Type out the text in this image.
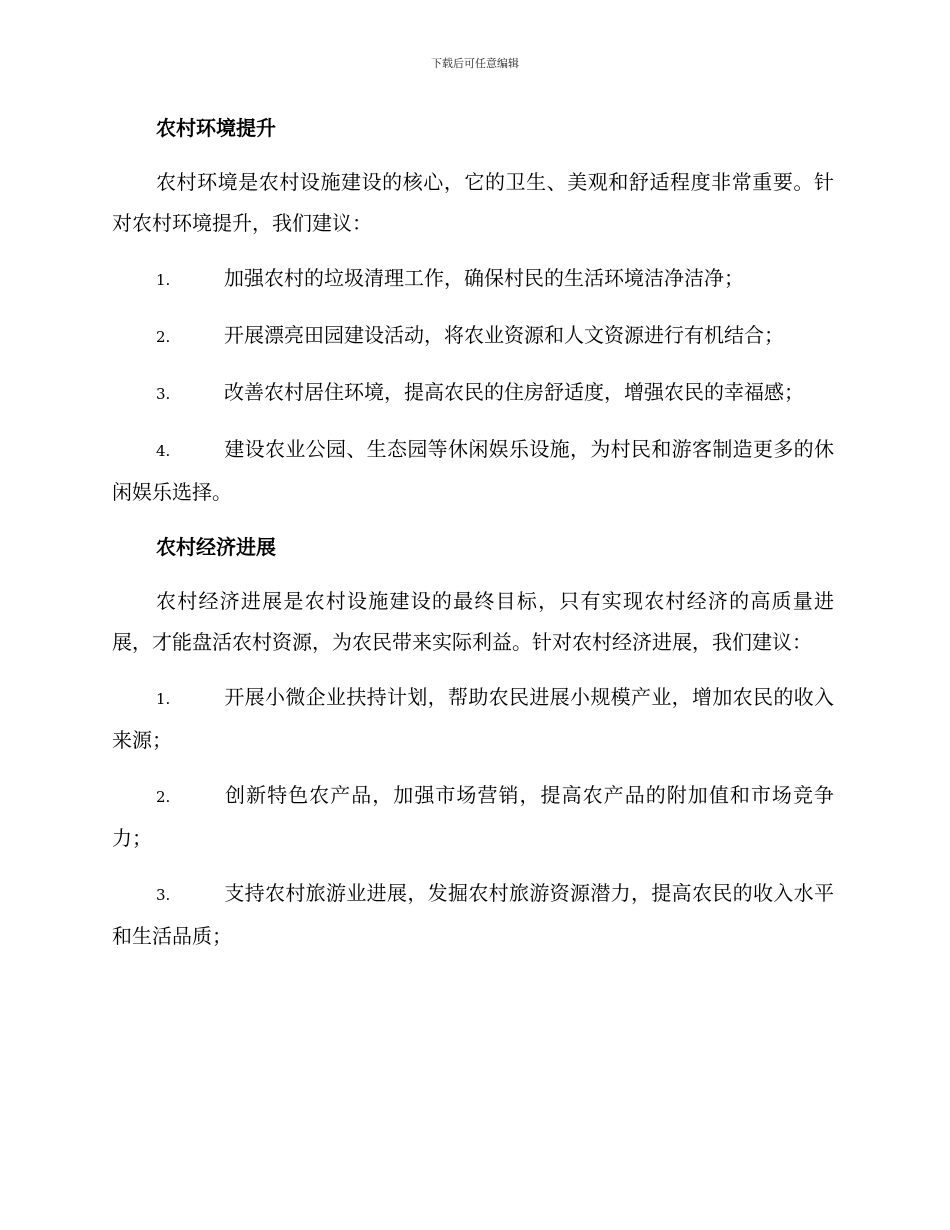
下载后可任意编辑
农村环境提升
农村环境是农村设施建设的核心，它的卫生、美观和舒适程度非常重要。针对农村环境提升，我们建议：
1.	加强农村的垃圾清理工作，确保村民的生活环境洁净洁净；
2.	开展漂亮田园建设活动，将农业资源和人文资源进行有机结合；
3.	改善农村居住环境，提高农民的住房舒适度，增强农民的幸福感；
4.	建设农业公园、生态园等休闲娱乐设施，为村民和游客制造更多的休闲娱乐选择。
农村经济进展
农村经济进展是农村设施建设的最终目标，只有实现农村经济的高质量进展，才能盘活农村资源，为农民带来实际利益。针对农村经济进展，我们建议：
1.	开展小微企业扶持计划，帮助农民进展小规模产业，增加农民的收入来源；
2.	创新特色农产品，加强市场营销，提高农产品的附加值和市场竞争力；
3.	支持农村旅游业进展，发掘农村旅游资源潜力，提高农民的收入水平和生活品质；
